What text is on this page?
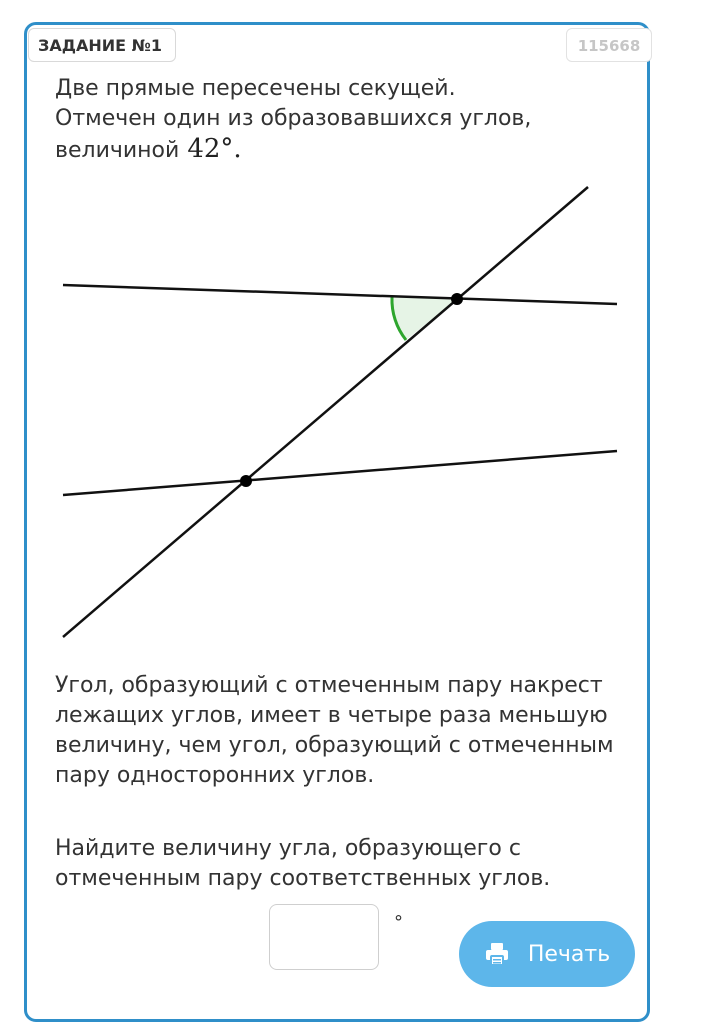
ЗАДАНИЕ №1	115668

Две прямые пересечены секущей.
Отмечен один из образовавшихся углов,
величиной 42°.

Угол, образующий с отмеченным пару накрест лежащих углов, имеет в четыре раза меньшую величину, чем угол, образующий с отмеченным пару односторонних углов.

Найдите величину угла, образующего с отмеченным пару соответственных углов.

°
Печать
